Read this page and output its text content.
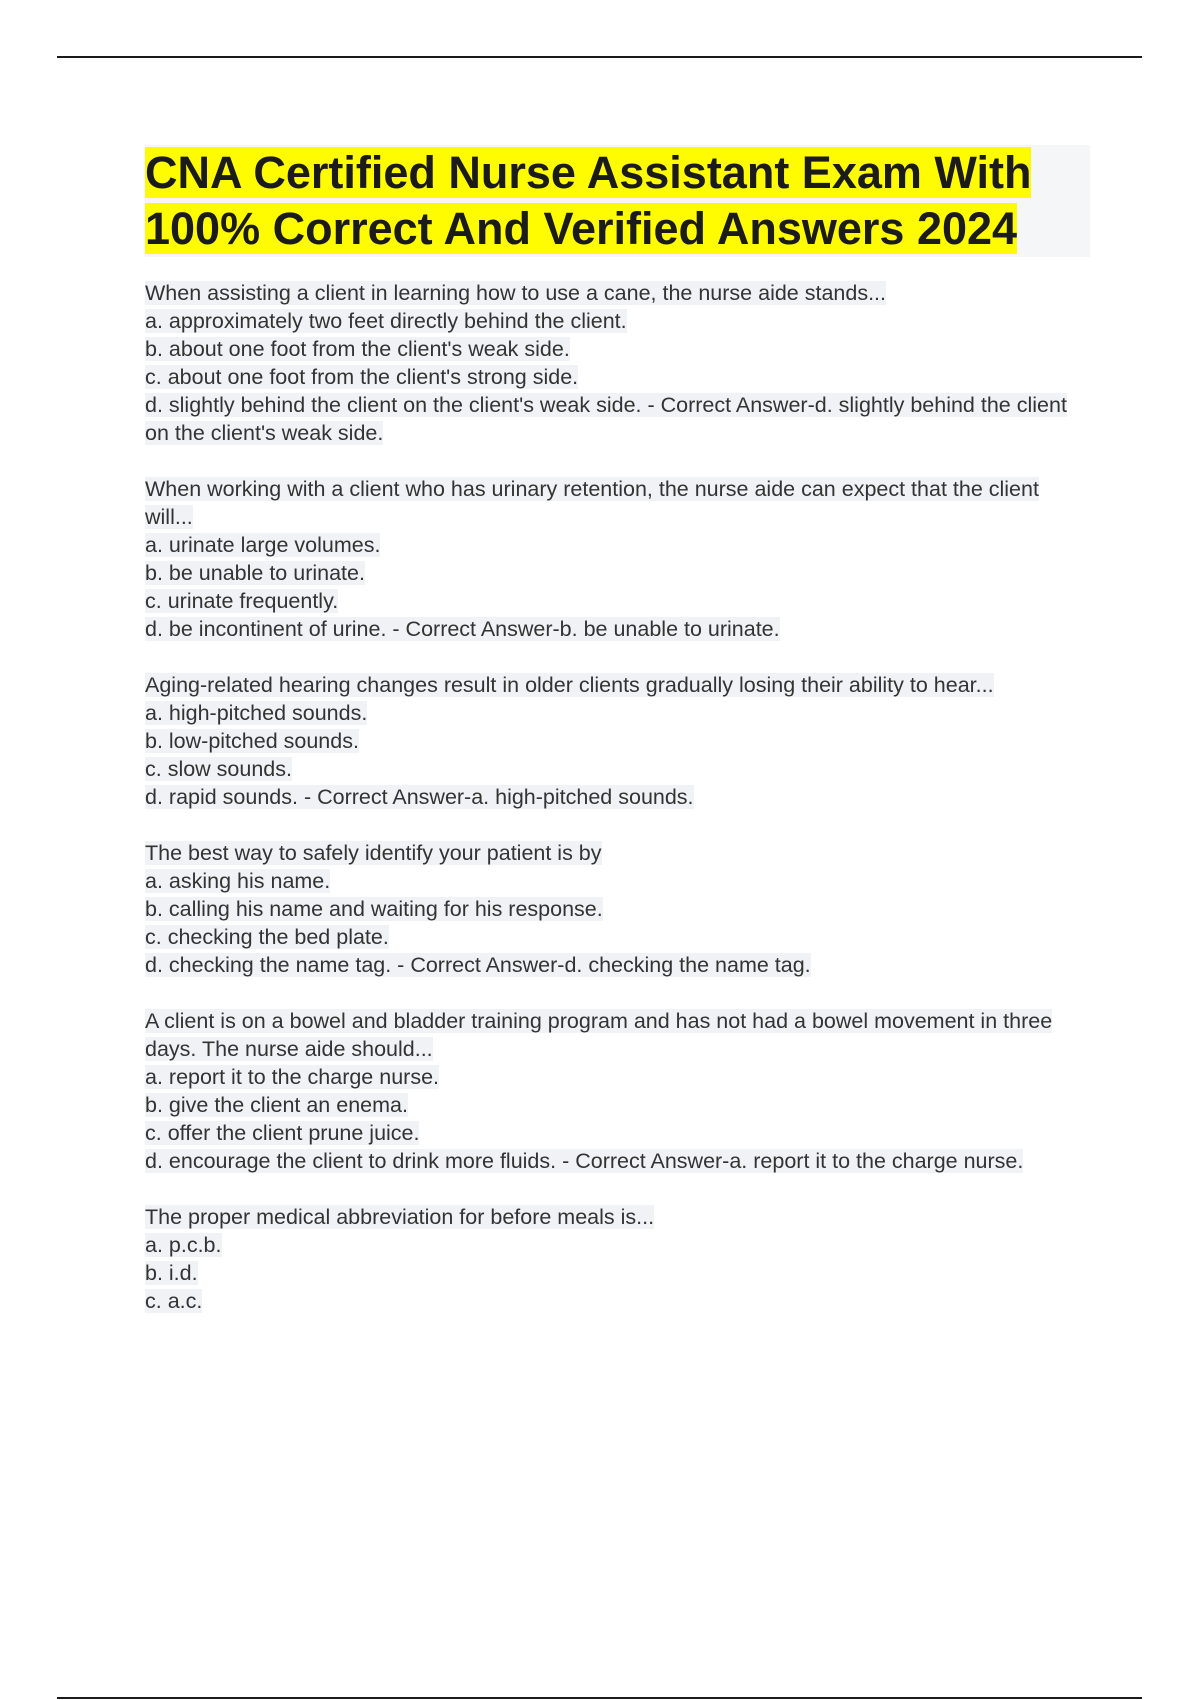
CNA Certified Nurse Assistant Exam With 100% Correct And Verified Answers 2024
When assisting a client in learning how to use a cane, the nurse aide stands...
a. approximately two feet directly behind the client.
b. about one foot from the client's weak side.
c. about one foot from the client's strong side.
d. slightly behind the client on the client's weak side. - Correct Answer-d. slightly behind the client on the client's weak side.
When working with a client who has urinary retention, the nurse aide can expect that the client will...
a. urinate large volumes.
b. be unable to urinate.
c. urinate frequently.
d. be incontinent of urine. - Correct Answer-b. be unable to urinate.
Aging-related hearing changes result in older clients gradually losing their ability to hear...
a. high-pitched sounds.
b. low-pitched sounds.
c. slow sounds.
d. rapid sounds. - Correct Answer-a. high-pitched sounds.
The best way to safely identify your patient is by
a. asking his name.
b. calling his name and waiting for his response.
c. checking the bed plate.
d. checking the name tag. - Correct Answer-d. checking the name tag.
A client is on a bowel and bladder training program and has not had a bowel movement in three days. The nurse aide should...
a. report it to the charge nurse.
b. give the client an enema.
c. offer the client prune juice.
d. encourage the client to drink more fluids. - Correct Answer-a. report it to the charge nurse.
The proper medical abbreviation for before meals is...
a. p.c.b.
b. i.d.
c. a.c.
